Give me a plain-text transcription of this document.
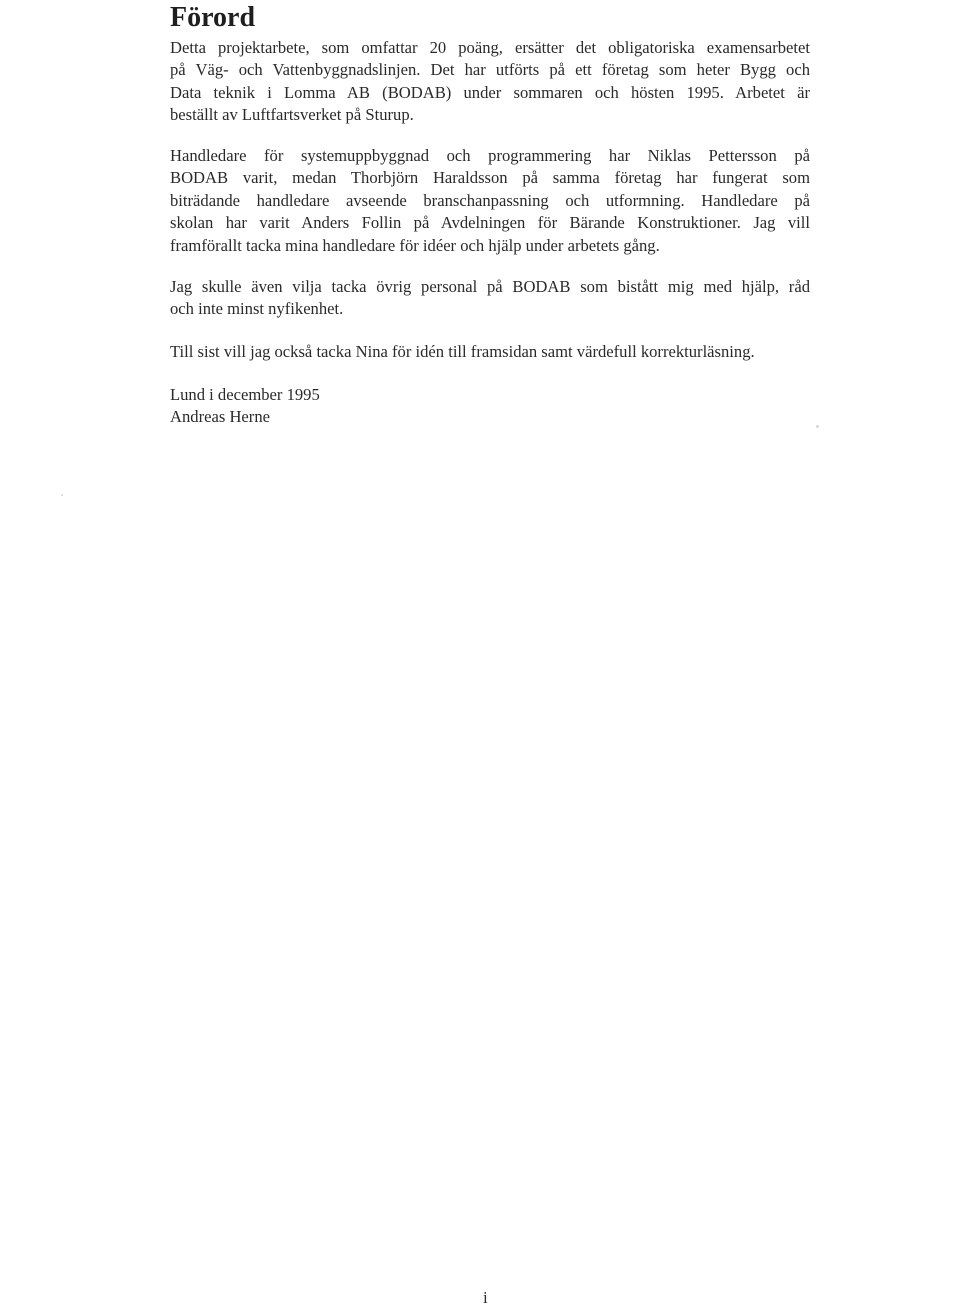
Förord

Detta projektarbete, som omfattar 20 poäng, ersätter det obligatoriska examensarbetet
på Väg- och Vattenbyggnadslinjen. Det har utförts på ett företag som heter Bygg och
Data teknik i Lomma AB (BODAB) under sommaren och hösten 1995. Arbetet är
beställt av Luftfartsverket på Sturup.

Handledare för systemuppbyggnad och programmering har Niklas Pettersson på
BODAB varit, medan Thorbjörn Haraldsson på samma företag har fungerat som
biträdande handledare avseende branschanpassning och utformning. Handledare på
skolan har varit Anders Follin på Avdelningen för Bärande Konstruktioner. Jag vill
framförallt tacka mina handledare för idéer och hjälp under arbetets gång.

Jag skulle även vilja tacka övrig personal på BODAB som bistått mig med hjälp, råd
och inte minst nyfikenhet.

Till sist vill jag också tacka Nina för idén till framsidan samt värdefull korrekturläsning.

Lund i december 1995
Andreas Herne

i
